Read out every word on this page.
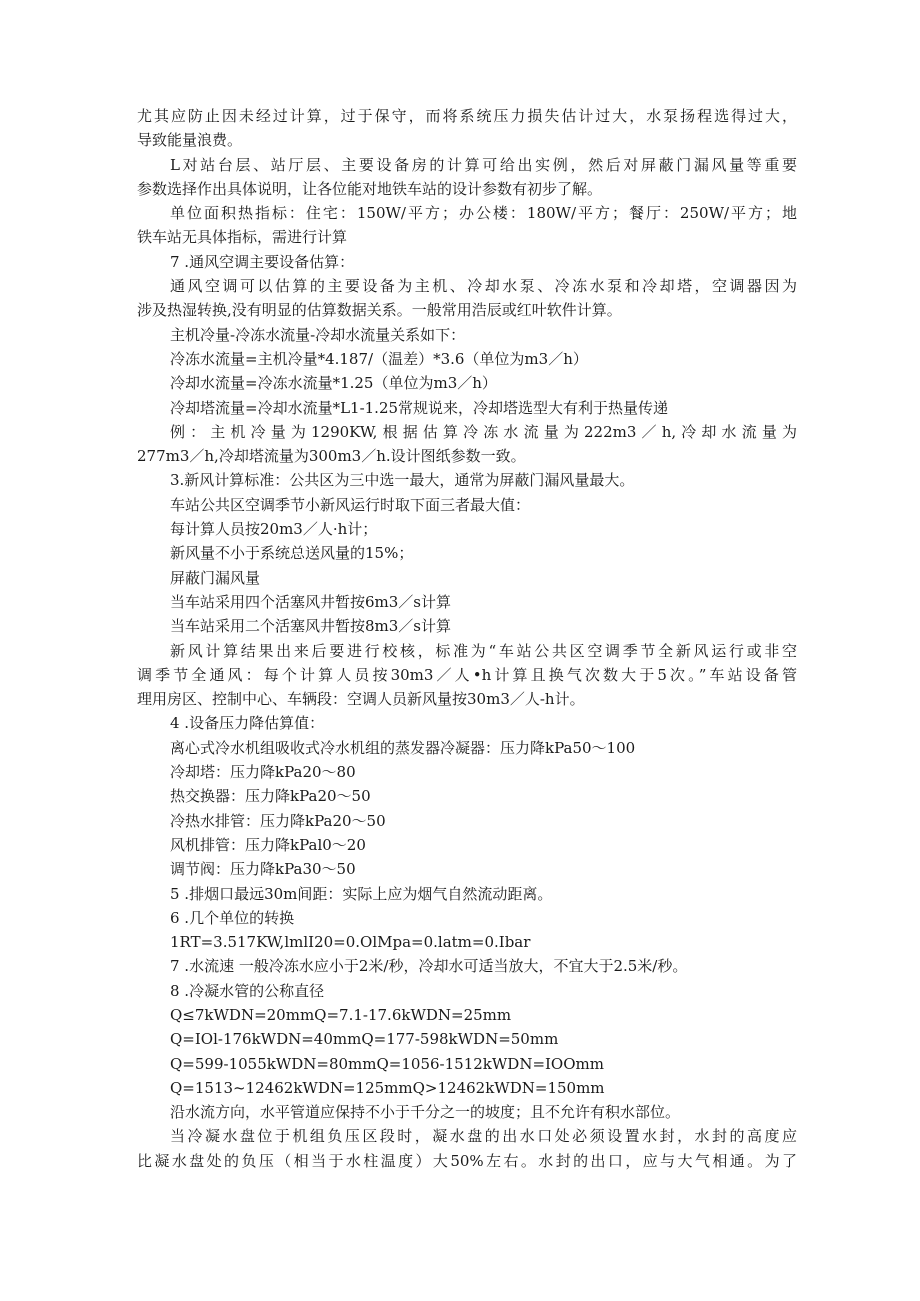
尤其应防止因未经过计算，过于保守，而将系统压力损失估计过大，水泵扬程选得过大，
导致能量浪费。
L对站台层、站厅层、主要设备房的计算可给出实例，然后对屏蔽门漏风量等重要
参数选择作出具体说明，让各位能对地铁车站的设计参数有初步了解。
单位面积热指标：住宅：150W/平方；办公楼：180W/平方；餐厅：250W/平方；地
铁车站无具体指标，需进行计算
7 .通风空调主要设备估算：
通风空调可以估算的主要设备为主机、冷却水泵、冷冻水泵和冷却塔，空调器因为
涉及热湿转换,没有明显的估算数据关系。一般常用浩辰或红叶软件计算。
主机冷量-冷冻水流量-冷却水流量关系如下：
冷冻水流量=主机冷量*4.187/（温差）*3.6（单位为m3／h）
冷却水流量=冷冻水流量*1.25（单位为m3／h）
冷却塔流量=冷却水流量*L1-1.25常规说来，冷却塔选型大有利于热量传递
例：主机冷量为1290KW,根据估算冷冻水流量为222m3／h,冷却水流量为
277m3／h,冷却塔流量为300m3／h.设计图纸参数一致。
3.新风计算标准：公共区为三中选一最大，通常为屏蔽门漏风量最大。
车站公共区空调季节小新风运行时取下面三者最大值：
每计算人员按20m3／人·h计；
新风量不小于系统总送风量的15%；
屏蔽门漏风量
当车站采用四个活塞风井暂按6m3／s计算
当车站采用二个活塞风井暂按8m3／s计算
新风计算结果出来后要进行校核，标准为“车站公共区空调季节全新风运行或非空
调季节全通风：每个计算人员按30m3／人•h计算且换气次数大于5次。”车站设备管
理用房区、控制中心、车辆段：空调人员新风量按30m3／人-h计。
4 .设备压力降估算值：
离心式冷水机组吸收式冷水机组的蒸发器冷凝器：压力降kPa50～100
冷却塔：压力降kPa20～80
热交换器：压力降kPa20～50
冷热水排管：压力降kPa20～50
风机排管：压力降kPal0～20
调节阀：压力降kPa30～50
5 .排烟口最远30m间距：实际上应为烟气自然流动距离。
6 .几个单位的转换
1RT=3.517KW,lmlI20=0.OlMpa=0.latm=0.Ibar
7 .水流速 一般冷冻水应小于2米/秒，冷却水可适当放大，不宜大于2.5米/秒。
8 .冷凝水管的公称直径
Q≤7kWDN=20mmQ=7.1-17.6kWDN=25mm
Q=IOl-176kWDN=40mmQ=177-598kWDN=50mm
Q=599-1055kWDN=80mmQ=1056-1512kWDN=IOOmm
Q=1513~12462kWDN=125mmQ>12462kWDN=150mm
沿水流方向，水平管道应保持不小于千分之一的坡度；且不允许有积水部位。
当冷凝水盘位于机组负压区段时，凝水盘的出水口处必须设置水封，水封的高度应
比凝水盘处的负压（相当于水柱温度）大50%左右。水封的出口，应与大气相通。为了
